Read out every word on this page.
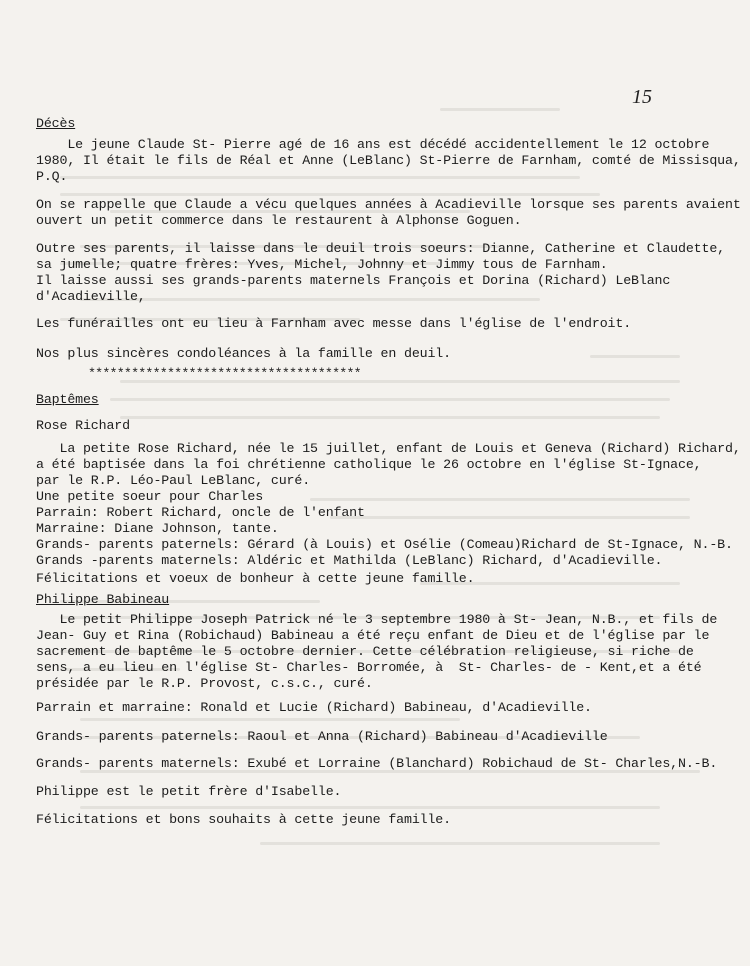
15
Décès
Le jeune Claude St- Pierre agé de 16 ans est décédé accidentellement le 12 octobre
1980, Il était le fils de Réal et Anne (LeBlanc) St-Pierre de Farnham, comté de Missisqua,
P.Q.
On se rappelle que Claude a vécu quelques années à Acadieville lorsque ses parents avaient
ouvert un petit commerce dans le restaurent à Alphonse Goguen.
Outre ses parents, il laisse dans le deuil trois soeurs: Dianne, Catherine et Claudette,
sa jumelle; quatre frères: Yves, Michel, Johnny et Jimmy tous de Farnham.
Il laisse aussi ses grands-parents maternels François et Dorina (Richard) LeBlanc
d'Acadieville,
Les funérailles ont eu lieu à Farnham avec messe dans l'église de l'endroit.
Nos plus sincères condoléances à la famille en deuil.
**************************************
Baptêmes
Rose Richard
La petite Rose Richard, née le 15 juillet, enfant de Louis et Geneva (Richard) Richard,
a été baptisée dans la foi chrétienne catholique le 26 octobre en l'église St-Ignace,
par le R.P. Léo-Paul LeBlanc, curé.
Une petite soeur pour Charles
Parrain: Robert Richard, oncle de l'enfant
Marraine: Diane Johnson, tante.
Grands- parents paternels: Gérard (à Louis) et Osélie (Comeau)Richard de St-Ignace, N.-B.
Grands -parents maternels: Aldéric et Mathilda (LeBlanc) Richard, d'Acadieville.
Félicitations et voeux de bonheur à cette jeune famille.
Philippe Babineau
Le petit Philippe Joseph Patrick né le 3 septembre 1980 à St- Jean, N.B., et fils de
Jean- Guy et Rina (Robichaud) Babineau a été reçu enfant de Dieu et de l'église par le
sacrement de baptême le 5 octobre dernier. Cette célébration religieuse, si riche de
sens, a eu lieu en l'église St- Charles- Borromée, à  St- Charles- de - Kent,et a été
présidée par le R.P. Provost, c.s.c., curé.
Parrain et marraine: Ronald et Lucie (Richard) Babineau, d'Acadieville.
Grands- parents paternels: Raoul et Anna (Richard) Babineau d'Acadieville
Grands- parents maternels: Exubé et Lorraine (Blanchard) Robichaud de St- Charles,N.-B.
Philippe est le petit frère d'Isabelle.
Félicitations et bons souhaits à cette jeune famille.
